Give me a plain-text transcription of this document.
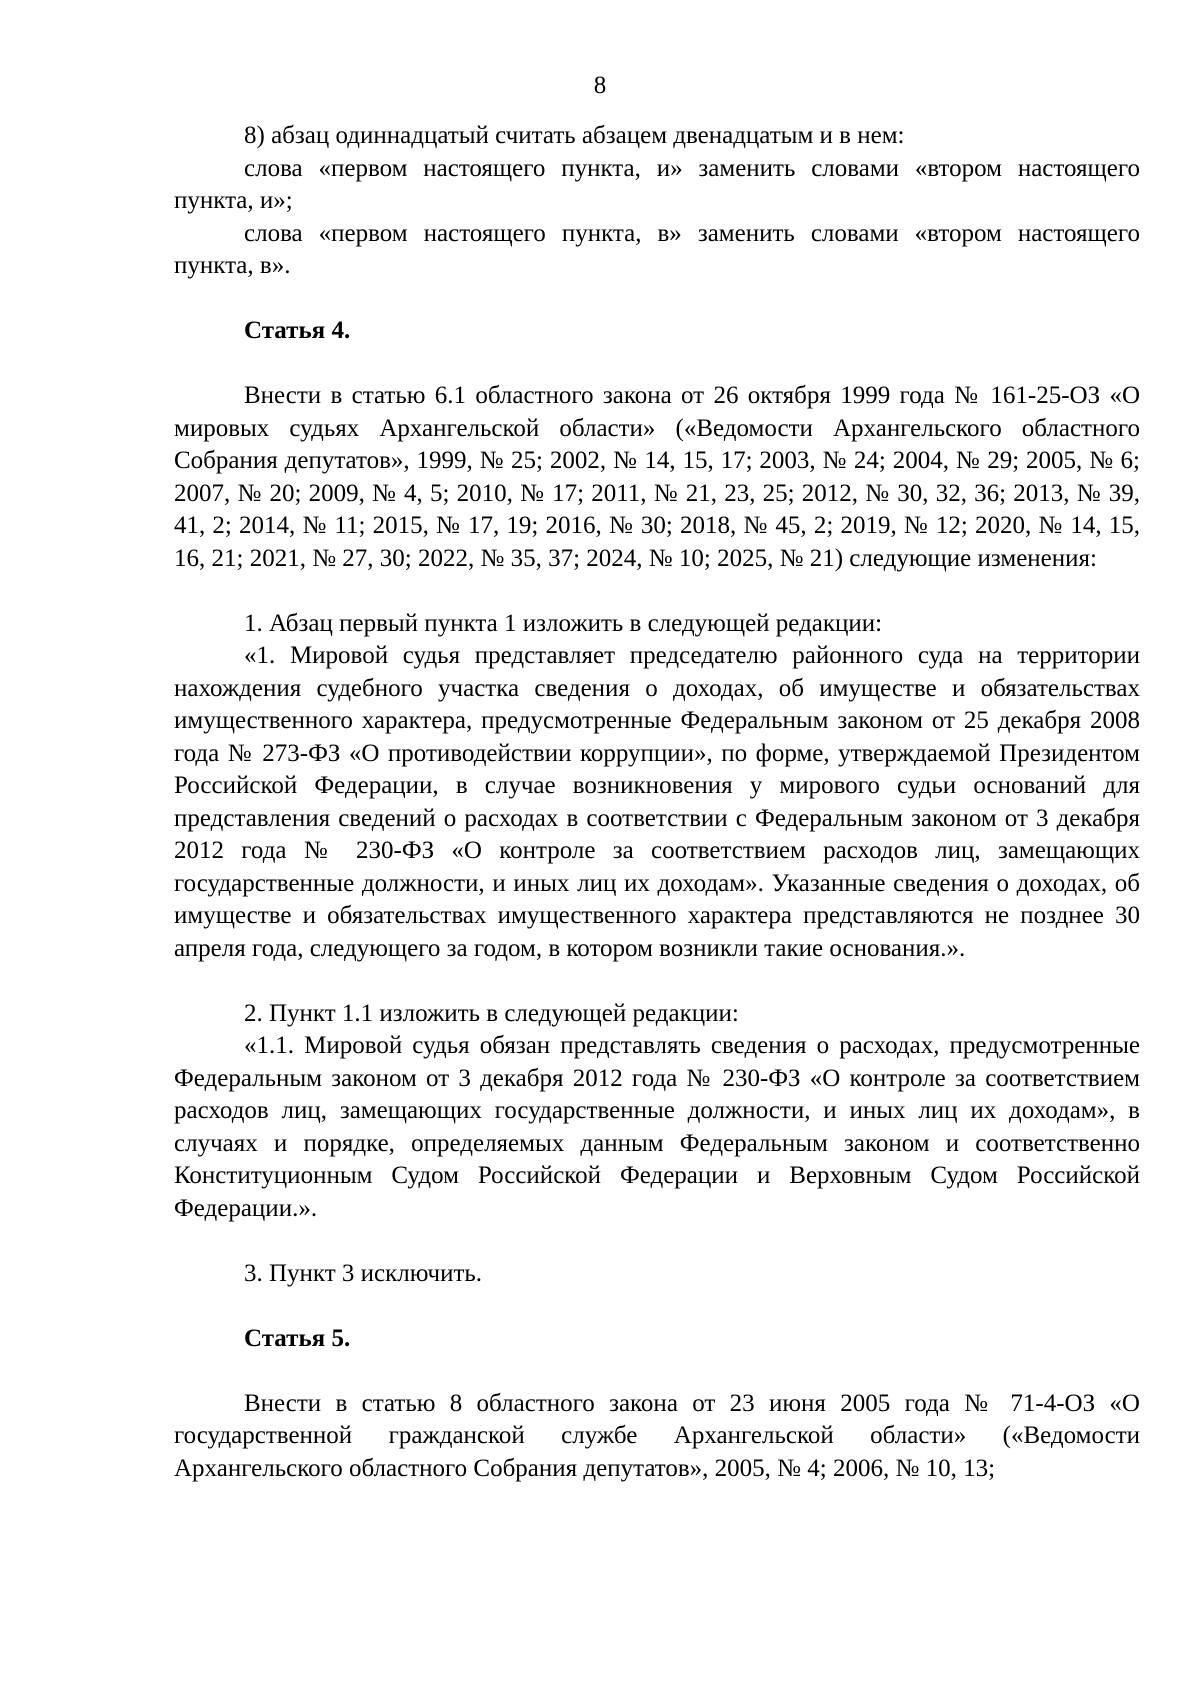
8

8) абзац одиннадцатый считать абзацем двенадцатым и в нем:

слова «первом настоящего пункта, и» заменить словами «втором настоящего пункта, и»;

слова «первом настоящего пункта, в» заменить словами «втором настоящего пункта, в».

Статья 4.

Внести в статью 6.1 областного закона от 26 октября 1999 года № 161-25-ОЗ «О мировых судьях Архангельской области» («Ведомости Архангельского областного Собрания депутатов», 1999, № 25; 2002, № 14, 15, 17; 2003, № 24; 2004, № 29; 2005, № 6; 2007, № 20; 2009, № 4, 5; 2010, № 17; 2011, № 21, 23, 25; 2012, № 30, 32, 36; 2013, № 39, 41, 2; 2014, № 11; 2015, № 17, 19; 2016, № 30; 2018, № 45, 2; 2019, № 12; 2020, № 14, 15, 16, 21; 2021, № 27, 30; 2022, № 35, 37; 2024, № 10; 2025, № 21) следующие изменения:

1. Абзац первый пункта 1 изложить в следующей редакции:

«1. Мировой судья представляет председателю районного суда на территории нахождения судебного участка сведения о доходах, об имуществе и обязательствах имущественного характера, предусмотренные Федеральным законом от 25 декабря 2008 года № 273-ФЗ «О противодействии коррупции», по форме, утверждаемой Президентом Российской Федерации, в случае возникновения у мирового судьи оснований для представления сведений о расходах в соответствии с Федеральным законом от 3 декабря 2012 года № 230-ФЗ «О контроле за соответствием расходов лиц, замещающих государственные должности, и иных лиц их доходам». Указанные сведения о доходах, об имуществе и обязательствах имущественного характера представляются не позднее 30 апреля года, следующего за годом, в котором возникли такие основания.».

2. Пункт 1.1 изложить в следующей редакции:

«1.1. Мировой судья обязан представлять сведения о расходах, предусмотренные Федеральным законом от 3 декабря 2012 года № 230-ФЗ «О контроле за соответствием расходов лиц, замещающих государственные должности, и иных лиц их доходам», в случаях и порядке, определяемых данным Федеральным законом и соответственно Конституционным Судом Российской Федерации и Верховным Судом Российской Федерации.».

3. Пункт 3 исключить.

Статья 5.

Внести в статью 8 областного закона от 23 июня 2005 года № 71-4-ОЗ «О государственной гражданской службе Архангельской области» («Ведомости Архангельского областного Собрания депутатов», 2005, № 4; 2006, № 10, 13;
